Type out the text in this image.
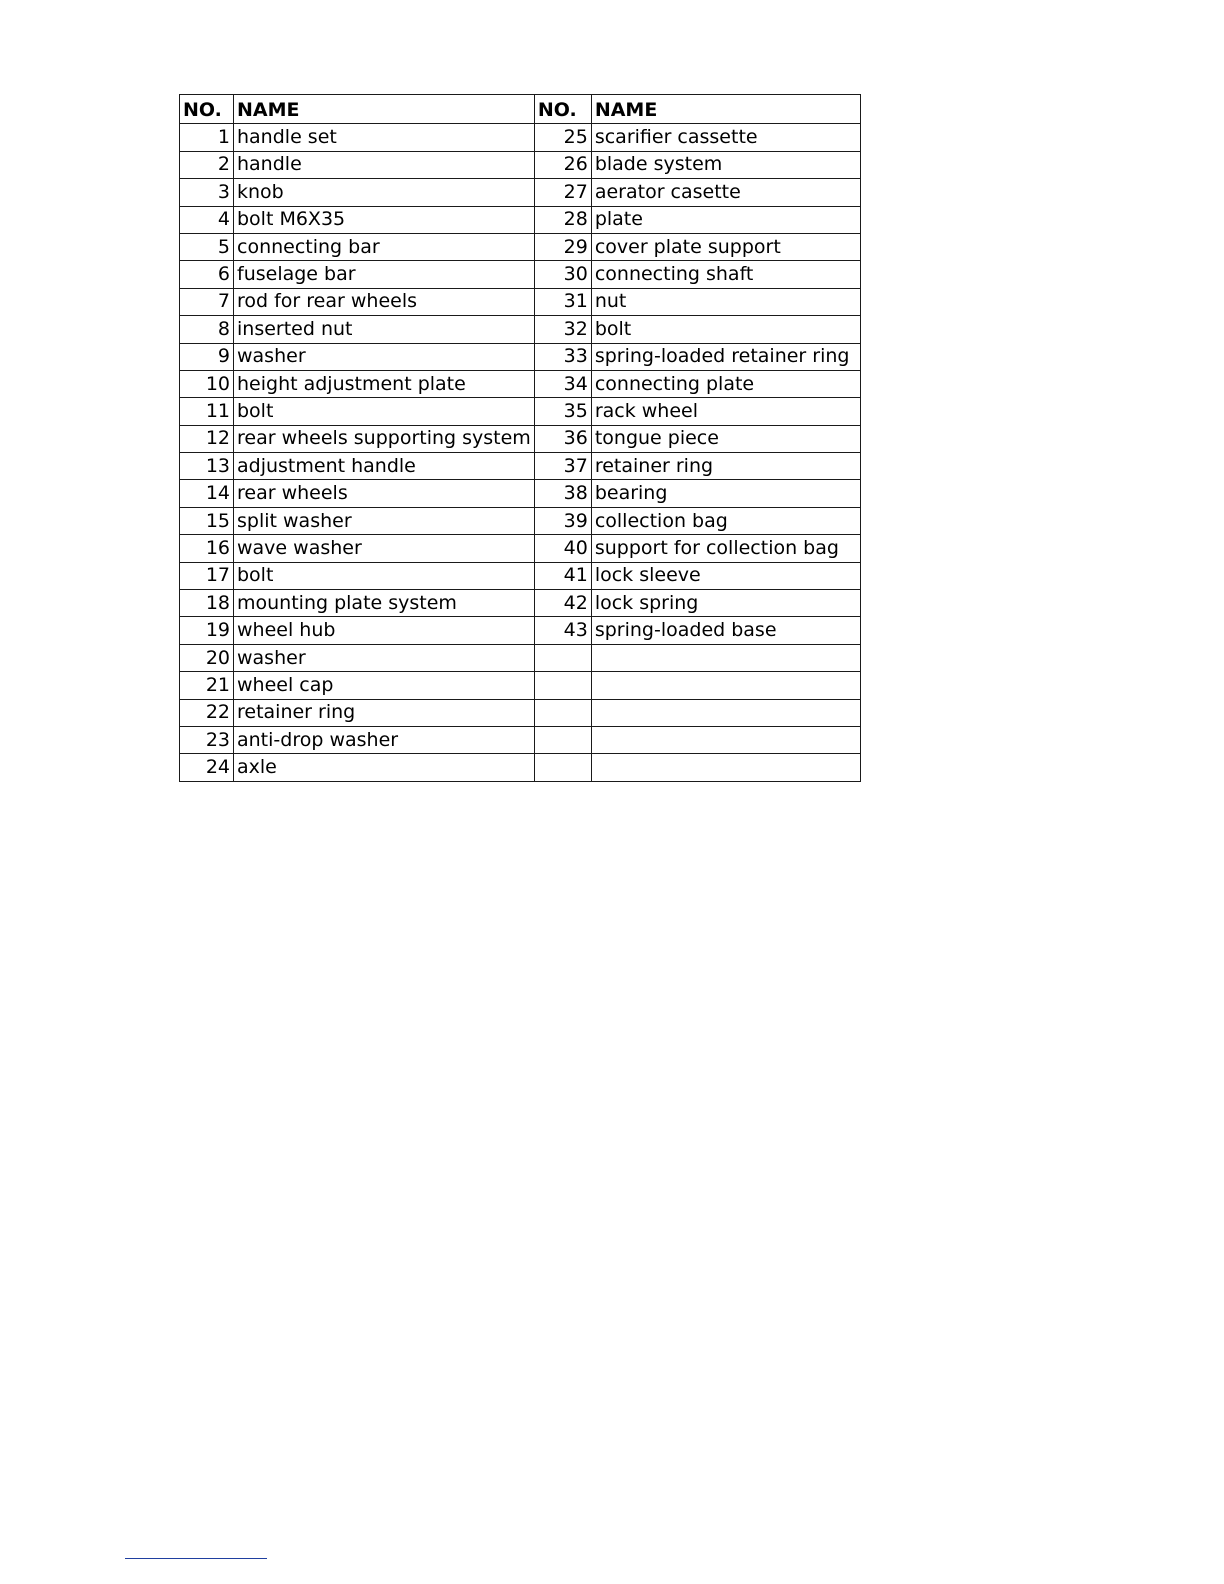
NO.	NAME	NO.	NAME
1	handle set	25	scarifier cassette
2	handle	26	blade system
3	knob	27	aerator casette
4	bolt M6X35	28	plate
5	connecting bar	29	cover plate support
6	fuselage bar	30	connecting shaft
7	rod for rear wheels	31	nut
8	inserted nut	32	bolt
9	washer	33	spring-loaded retainer ring
10	height adjustment plate	34	connecting plate
11	bolt	35	rack wheel
12	rear wheels supporting system	36	tongue piece
13	adjustment handle	37	retainer ring
14	rear wheels	38	bearing
15	split washer	39	collection bag
16	wave washer	40	support for collection bag
17	bolt	41	lock sleeve
18	mounting plate system	42	lock spring
19	wheel hub	43	spring-loaded base
20	washer		
21	wheel cap		
22	retainer ring		
23	anti-drop washer		
24	axle		
